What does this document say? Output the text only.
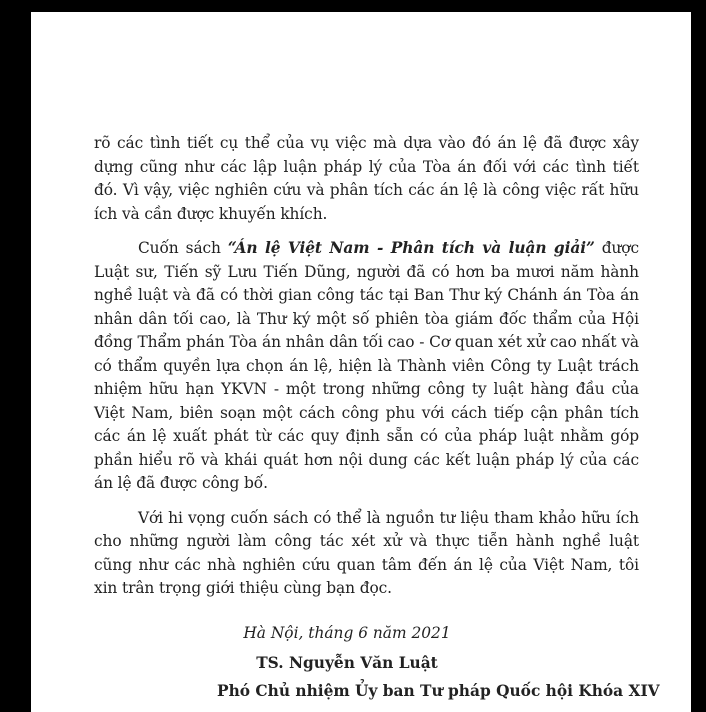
rõ các tình tiết cụ thể của vụ việc mà dựa vào đó án lệ đã được xây dựng cũng như các lập luận pháp lý của Tòa án đối với các tình tiết đó. Vì vậy, việc nghiên cứu và phân tích các án lệ là công việc rất hữu ích và cần được khuyến khích.

Cuốn sách “Án lệ Việt Nam - Phân tích và luận giải” được Luật sư, Tiến sỹ Lưu Tiến Dũng, người đã có hơn ba mươi năm hành nghề luật và đã có thời gian công tác tại Ban Thư ký Chánh án Tòa án nhân dân tối cao, là Thư ký một số phiên tòa giám đốc thẩm của Hội đồng Thẩm phán Tòa án nhân dân tối cao - Cơ quan xét xử cao nhất và có thẩm quyền lựa chọn án lệ, hiện là Thành viên Công ty Luật trách nhiệm hữu hạn YKVN - một trong những công ty luật hàng đầu của Việt Nam, biên soạn một cách công phu với cách tiếp cận phân tích các án lệ xuất phát từ các quy định sẵn có của pháp luật nhằm góp phần hiểu rõ và khái quát hơn nội dung các kết luận pháp lý của các án lệ đã được công bố.

Với hi vọng cuốn sách có thể là nguồn tư liệu tham khảo hữu ích cho những người làm công tác xét xử và thực tiễn hành nghề luật cũng như các nhà nghiên cứu quan tâm đến án lệ của Việt Nam, tôi xin trân trọng giới thiệu cùng bạn đọc.

Hà Nội, tháng 6 năm 2021
TS. Nguyễn Văn Luật
Phó Chủ nhiệm Ủy ban Tư pháp Quốc hội Khóa XIV
